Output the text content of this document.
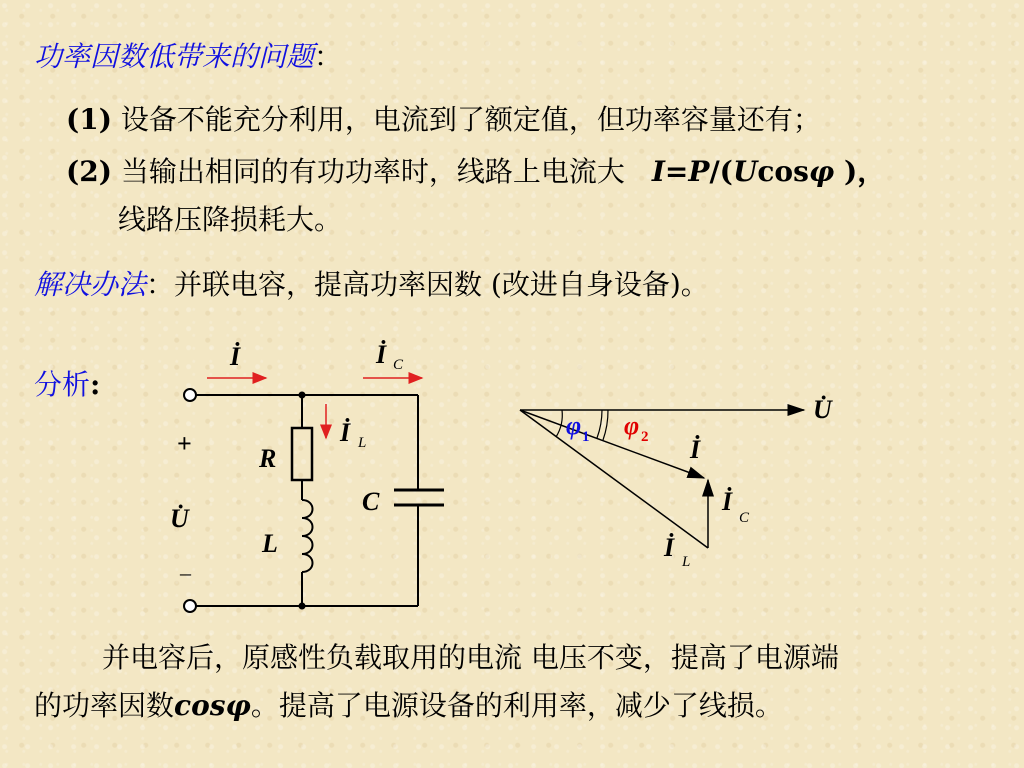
功率因数低带来的问题：
(1) 设备不能充分利用，电流到了额定值，但功率容量还有；
(2) 当输出相同的有功功率时，线路上电流大 I=P/(Ucosφ )，
线路压降损耗大。
解决办法：并联电容，提高功率因数 (改进自身设备)。
分析:
İ	İ C
İ L
+
U̇
–
R
L
C
φ 1 φ 2
U̇
İ
İ
C
İ L
并电容后，原感性负载取用的电流 电压不变，提高了电源端
的功率因数cosφ。提高了电源设备的利用率，减少了线损。
